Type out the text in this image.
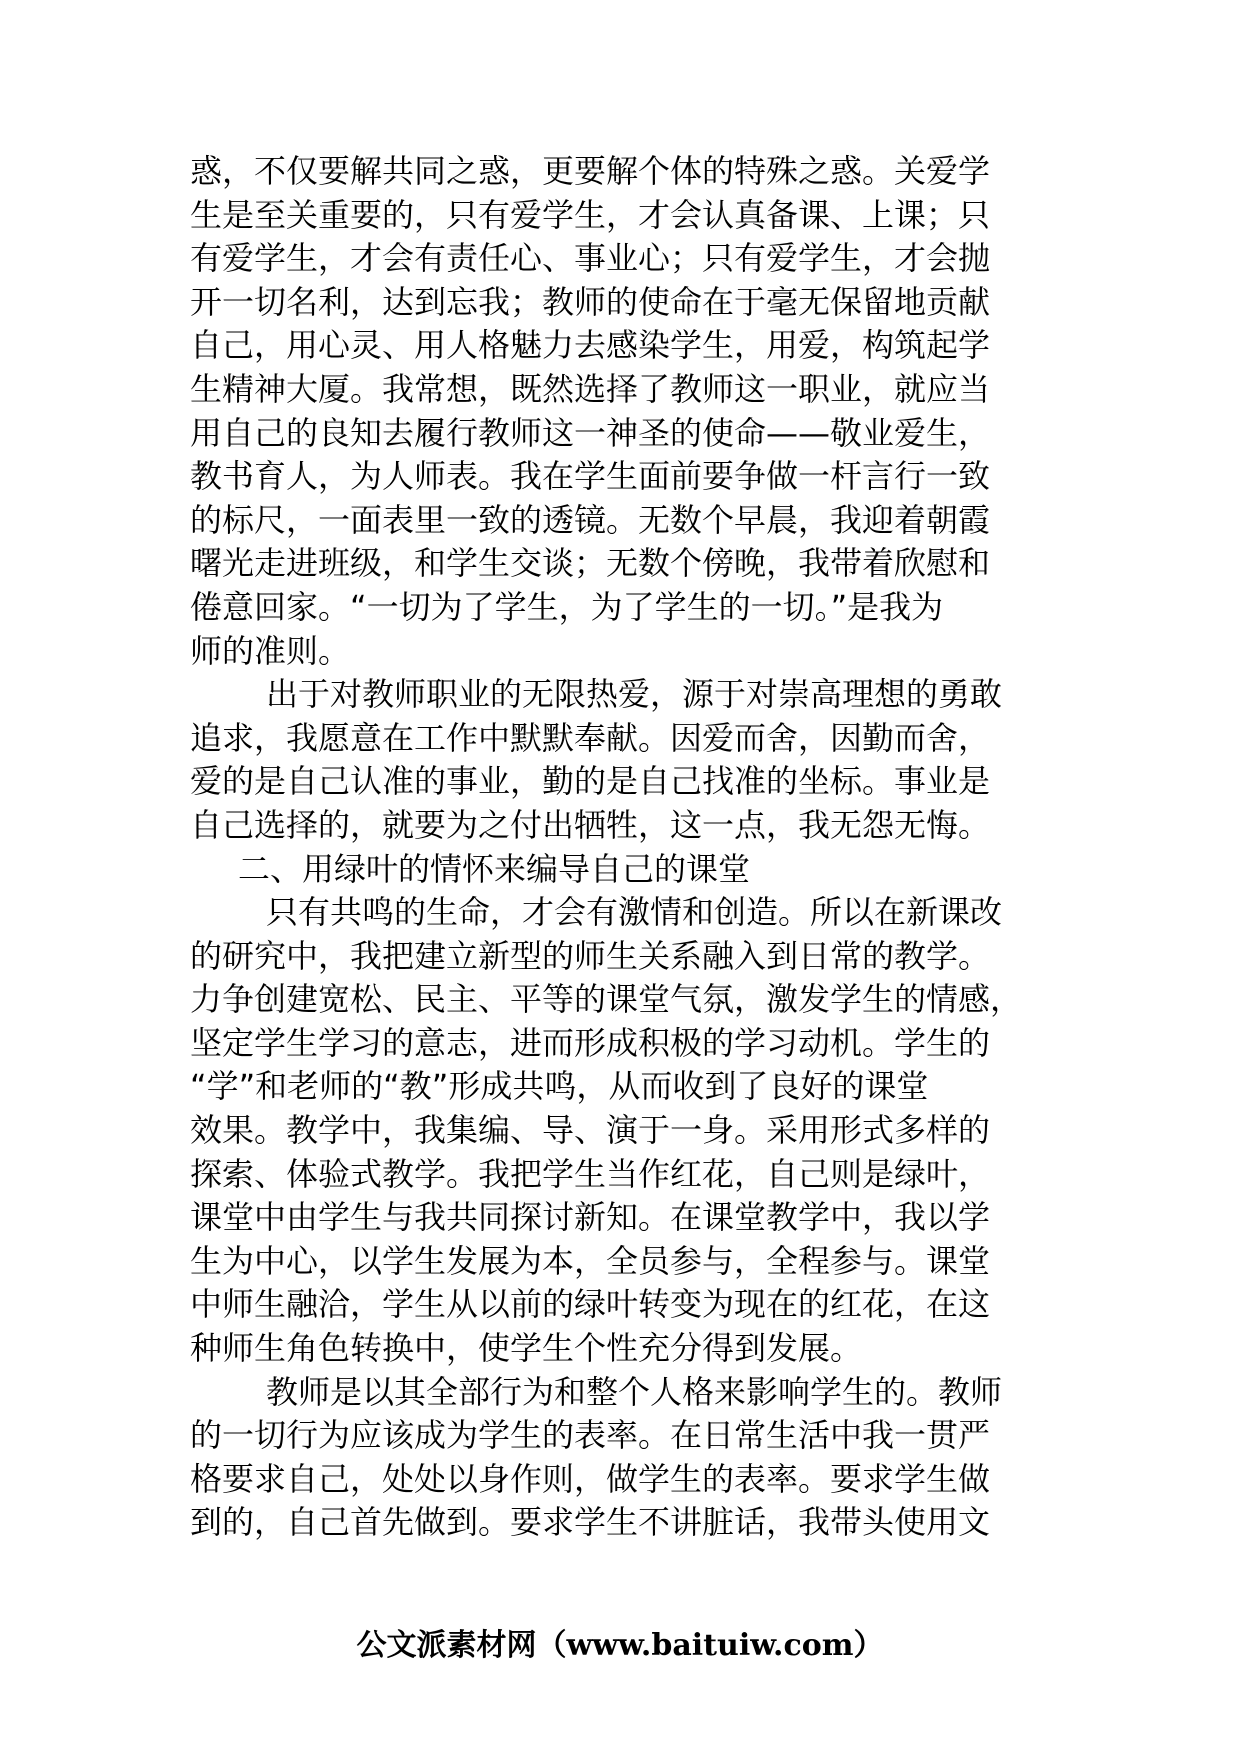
惑，不仅要解共同之惑，更要解个体的特殊之惑。关爱学
生是至关重要的，只有爱学生，才会认真备课、上课；只
有爱学生，才会有责任心、事业心；只有爱学生，才会抛
开一切名利，达到忘我；教师的使命在于毫无保留地贡献
自己，用心灵、用人格魅力去感染学生，用爱，构筑起学
生精神大厦。我常想，既然选择了教师这一职业，就应当
用自己的良知去履行教师这一神圣的使命——敬业爱生，
教书育人，为人师表。我在学生面前要争做一杆言行一致
的标尺，一面表里一致的透镜。无数个早晨，我迎着朝霞
曙光走进班级，和学生交谈；无数个傍晚，我带着欣慰和
倦意回家。“一切为了学生，为了学生的一切。”是我为
师的准则。

出于对教师职业的无限热爱，源于对崇高理想的勇敢
追求，我愿意在工作中默默奉献。因爱而舍，因勤而舍，
爱的是自己认准的事业，勤的是自己找准的坐标。事业是
自己选择的，就要为之付出牺牲，这一点，我无怨无悔。

二、用绿叶的情怀来编导自己的课堂

只有共鸣的生命，才会有激情和创造。所以在新课改
的研究中，我把建立新型的师生关系融入到日常的教学。
力争创建宽松、民主、平等的课堂气氛，激发学生的情感，
坚定学生学习的意志，进而形成积极的学习动机。学生的
“学”和老师的“教”形成共鸣，从而收到了良好的课堂
效果。教学中，我集编、导、演于一身。采用形式多样的
探索、体验式教学。我把学生当作红花，自己则是绿叶，
课堂中由学生与我共同探讨新知。在课堂教学中，我以学
生为中心，以学生发展为本，全员参与，全程参与。课堂
中师生融洽，学生从以前的绿叶转变为现在的红花，在这
种师生角色转换中，使学生个性充分得到发展。

教师是以其全部行为和整个人格来影响学生的。教师
的一切行为应该成为学生的表率。在日常生活中我一贯严
格要求自己，处处以身作则，做学生的表率。要求学生做
到的，自己首先做到。要求学生不讲脏话，我带头使用文

公文派素材网（www.baituiw.com）
